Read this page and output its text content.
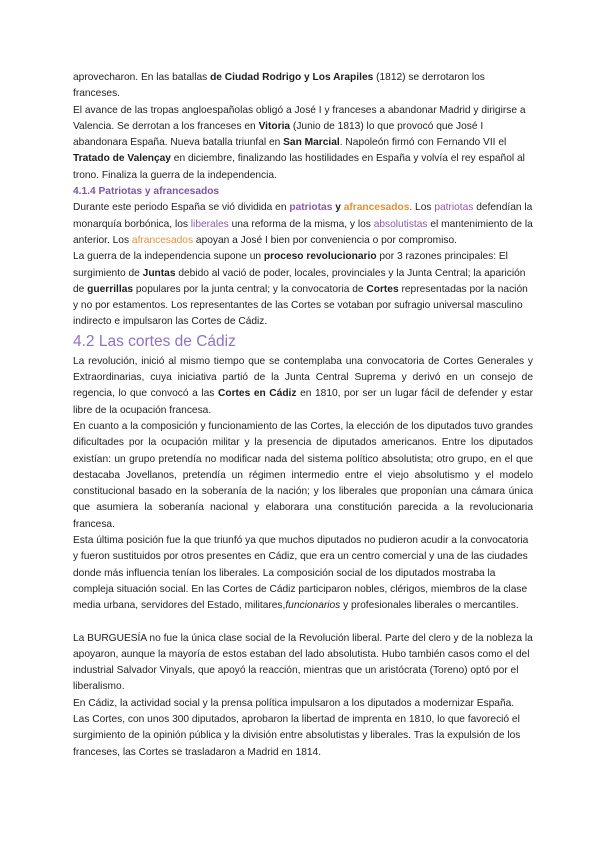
aprovecharon. En las batallas de Ciudad Rodrigo y Los Arapiles (1812) se derrotaron los franceses.

El avance de las tropas angloespañolas obligó a José I y franceses a abandonar Madrid y dirigirse a Valencia. Se derrotan a los franceses en Vitoria (Junio de 1813) lo que provocó que José I abandonara España. Nueva batalla triunfal en San Marcial. Napoleón firmó con Fernando VII el Tratado de Valençay en diciembre, finalizando las hostilidades en España y volvía el rey español al trono. Finaliza la guerra de la independencia.

4.1.4 Patriotas y afrancesados

Durante este periodo España se vió dividida en patriotas y afrancesados. Los patriotas defendían la monarquía borbónica, los liberales una reforma de la misma, y los absolutistas el mantenimiento de la anterior. Los afrancesados apoyan a José I bien por conveniencia o por compromiso.

La guerra de la independencia supone un proceso revolucionario por 3 razones principales: El surgimiento de Juntas debido al vació de poder, locales, provinciales y la Junta Central; la aparición de guerrillas populares por la junta central; y la convocatoria de Cortes representadas por la nación y no por estamentos. Los representantes de las Cortes se votaban por sufragio universal masculino indirecto e impulsaron las Cortes de Cádiz.

4.2 Las cortes de Cádiz

La revolución, inició al mismo tiempo que se contemplaba una convocatoria de Cortes Generales y Extraordinarias, cuya iniciativa partió de la Junta Central Suprema y derivó en un consejo de regencia, lo que convocó a las Cortes en Cádiz en 1810, por ser un lugar fácil de defender y estar libre de la ocupación francesa.

En cuanto a la composición y funcionamiento de las Cortes, la elección de los diputados tuvo grandes dificultades por la ocupación militar y la presencia de diputados americanos. Entre los diputados existían: un grupo pretendía no modificar nada del sistema político absolutista; otro grupo, en el que destacaba Jovellanos, pretendía un régimen intermedio entre el viejo absolutismo y el modelo constitucional basado en la soberanía de la nación; y los liberales que proponían una cámara única que asumiera la soberanía nacional y elaborara una constitución parecida a la revolucionaria francesa.

Esta última posición fue la que triunfó ya que muchos diputados no pudieron acudir a la convocatoria y fueron sustituidos por otros presentes en Cádiz, que era un centro comercial y una de las ciudades donde más influencia tenían los liberales. La composición social de los diputados mostraba la compleja situación social. En las Cortes de Cádiz participaron nobles, clérigos, miembros de la clase media urbana, servidores del Estado, militares,funcionarios y profesionales liberales o mercantiles.

La BURGUESÍA no fue la única clase social de la Revolución liberal. Parte del clero y de la nobleza la apoyaron, aunque la mayoría de estos estaban del lado absolutista. Hubo también casos como el del industrial Salvador Vinyals, que apoyó la reacción, mientras que un aristócrata (Toreno) optó por el liberalismo.

En Cádiz, la actividad social y la prensa política impulsaron a los diputados a modernizar España. Las Cortes, con unos 300 diputados, aprobaron la libertad de imprenta en 1810, lo que favoreció el surgimiento de la opinión pública y la división entre absolutistas y liberales. Tras la expulsión de los franceses, las Cortes se trasladaron a Madrid en 1814.
